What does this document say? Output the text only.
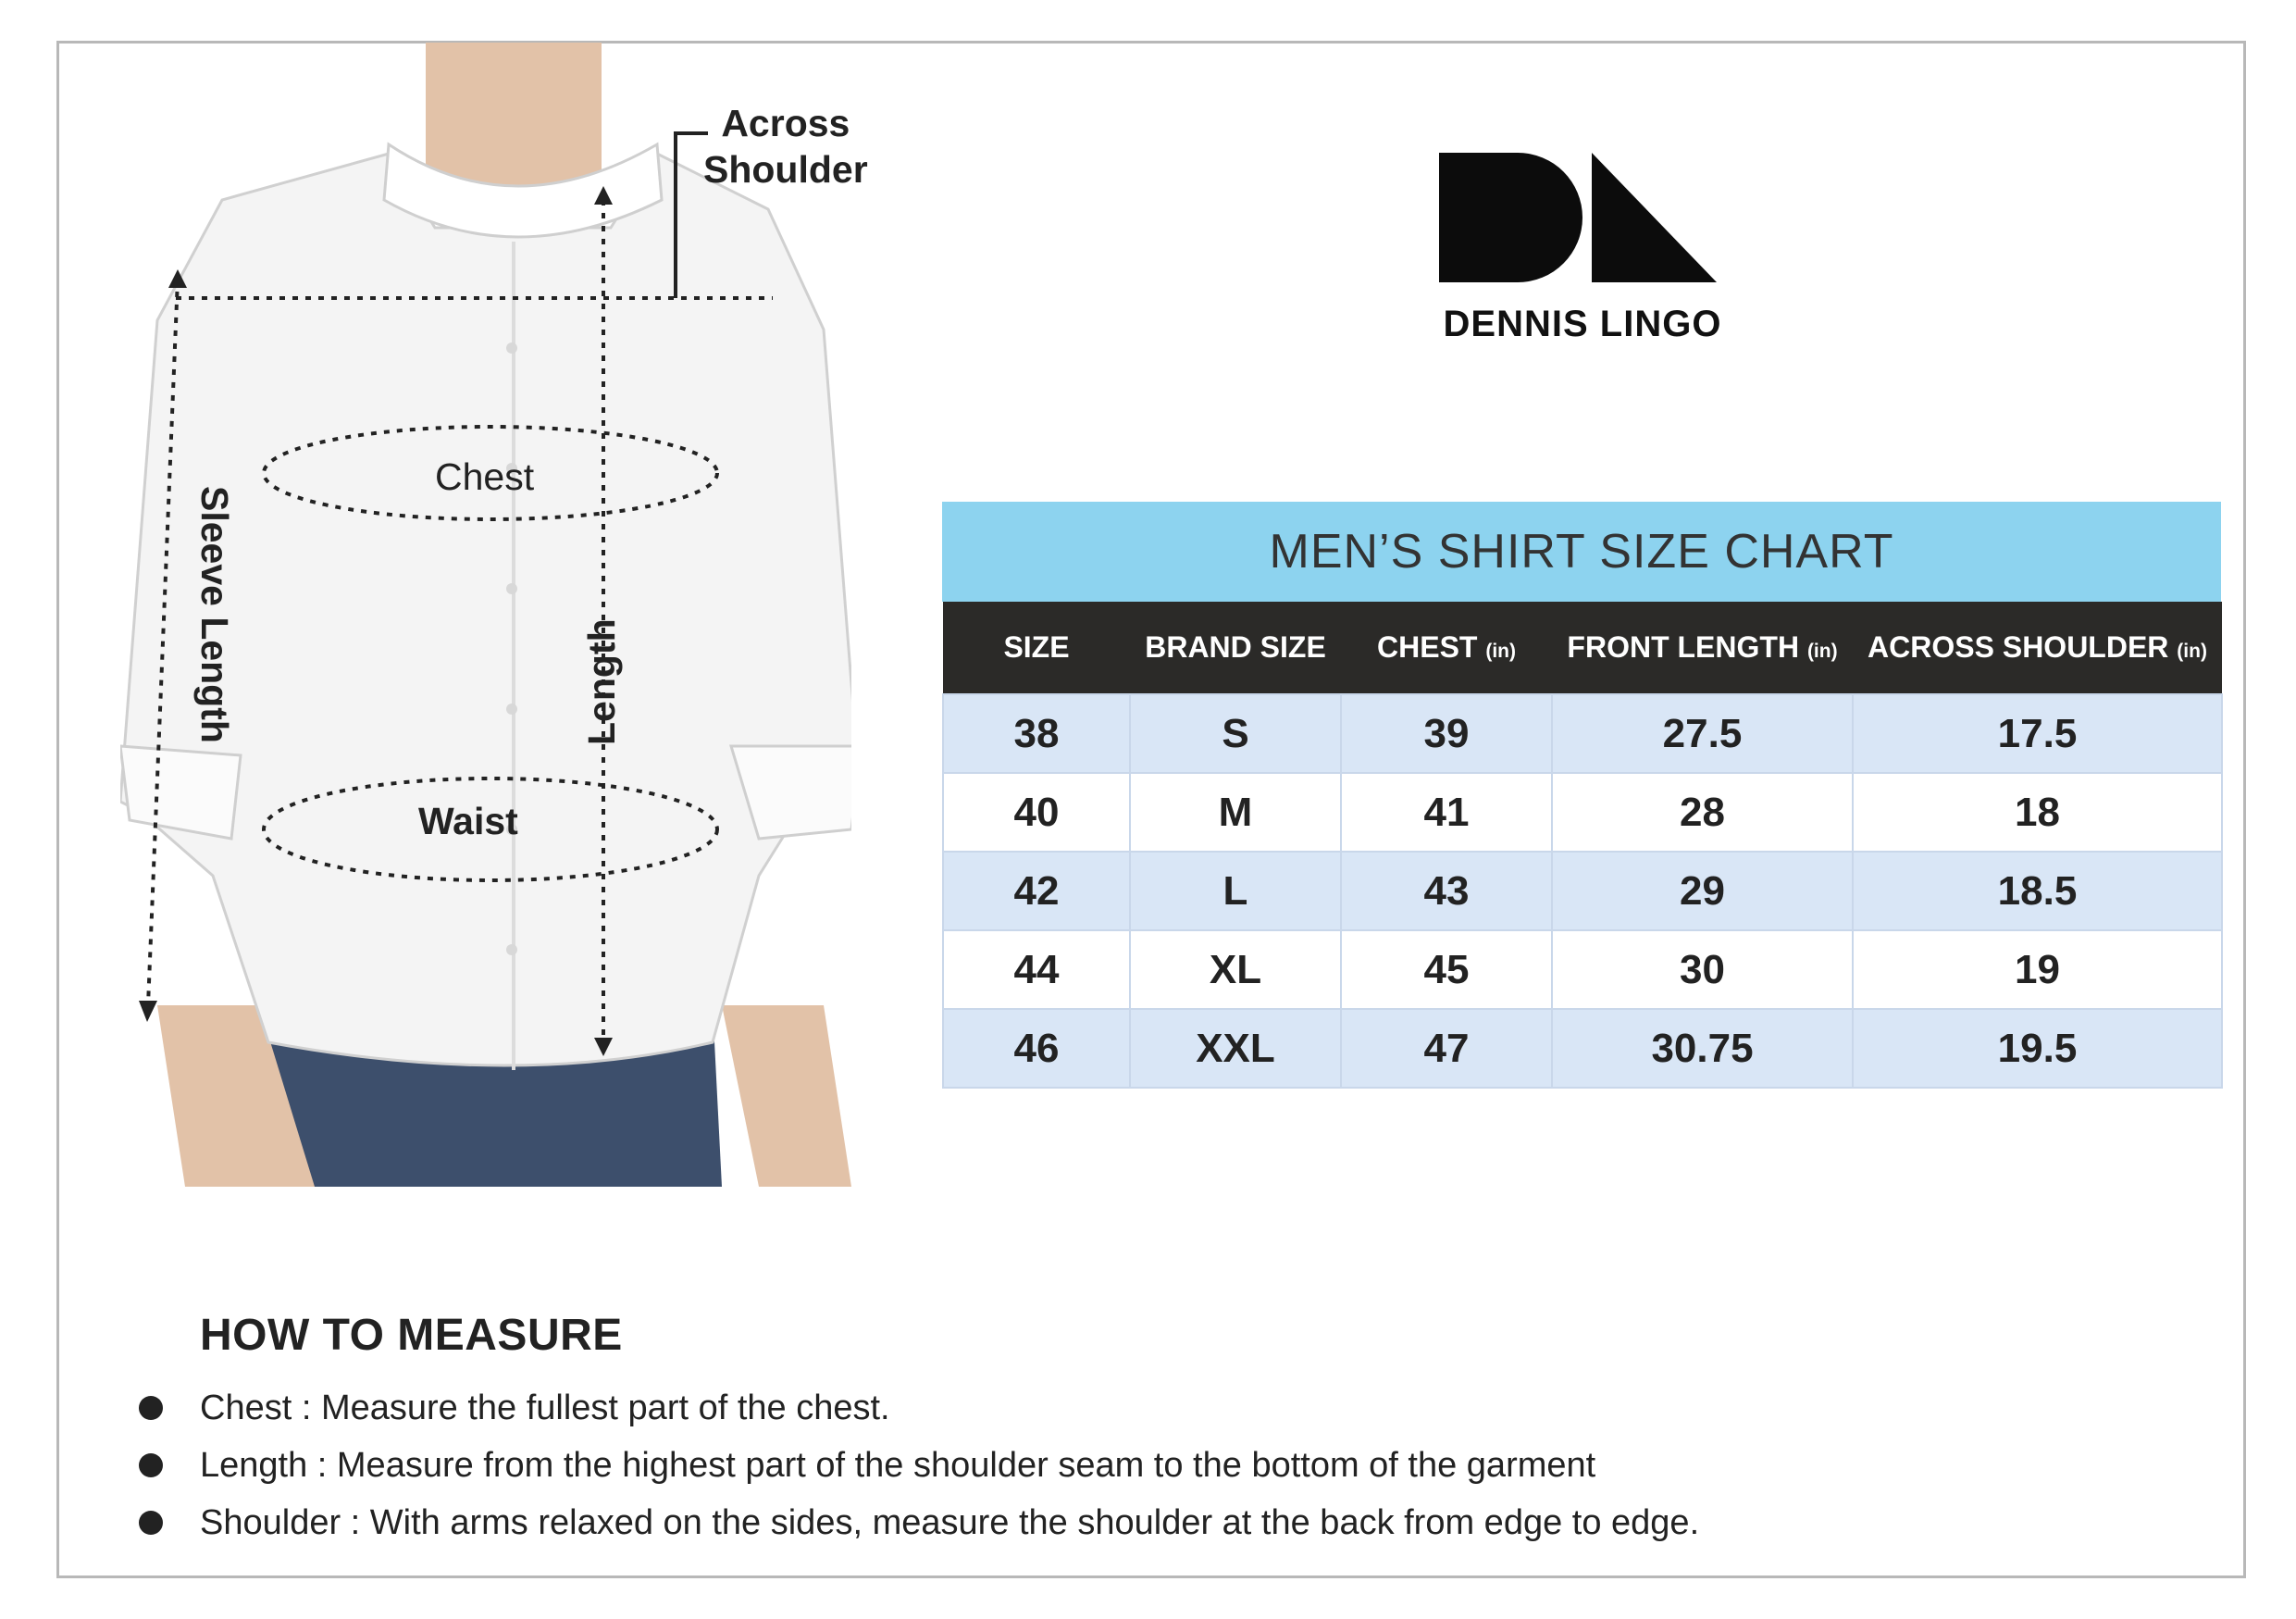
Across
Shoulder
Chest
Waist
Length
Sleeve Length
DENNIS LINGO
MEN’S SHIRT SIZE CHART
SIZE	BRAND SIZE	CHEST (in)	FRONT LENGTH (in)	ACROSS SHOULDER (in)
38	S	39	27.5	17.5
40	M	41	28	18
42	L	43	29	18.5
44	XL	45	30	19
46	XXL	47	30.75	19.5
HOW TO MEASURE
Chest : Measure the fullest part of the chest.
Length : Measure from the highest part of the shoulder seam to the bottom of the garment
Shoulder : With arms relaxed on the sides, measure the shoulder at the back from edge to edge.
